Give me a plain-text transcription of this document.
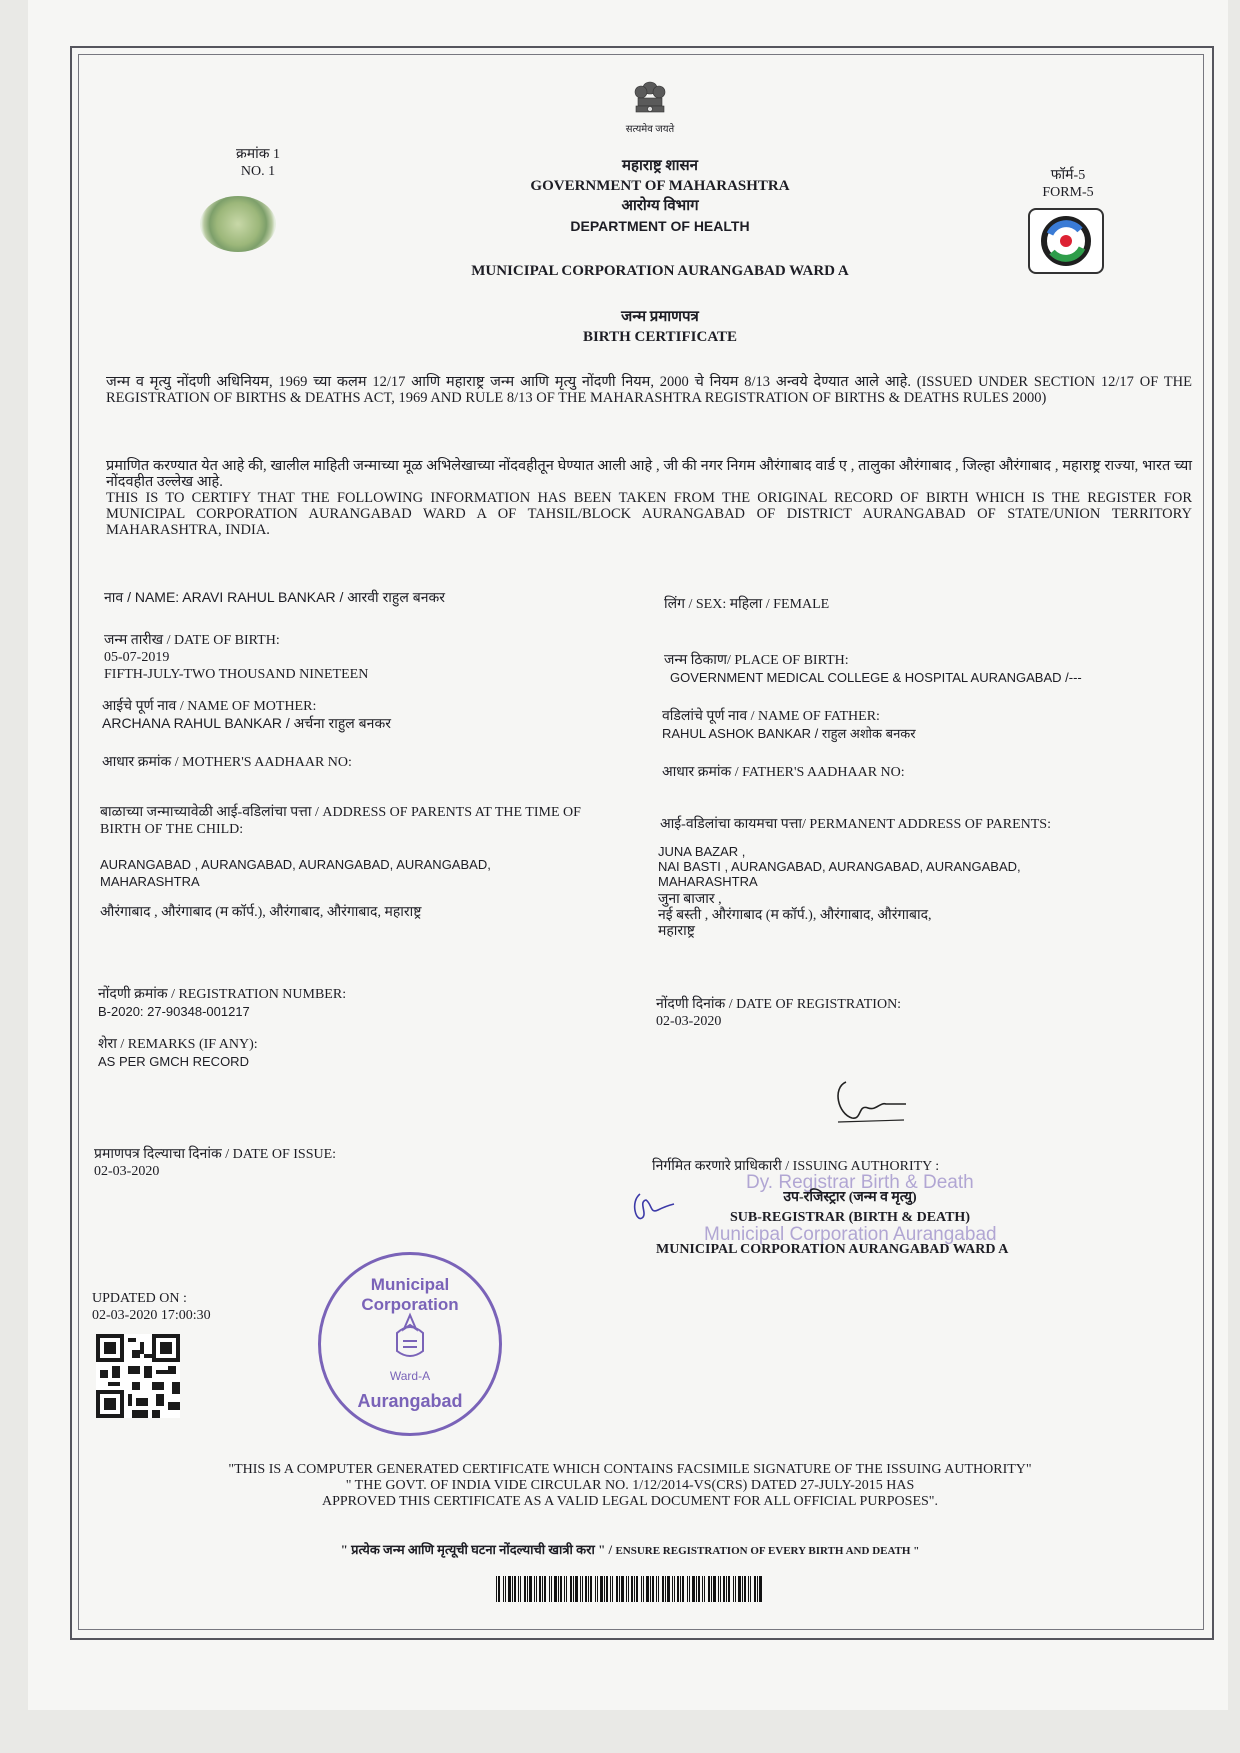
सत्यमेव जयते
क्रमांक 1
NO. 1	फॉर्म-5
FORM-5
महाराष्ट्र शासन
GOVERNMENT OF MAHARASHTRA
आरोग्य विभाग
DEPARTMENT OF HEALTH
MUNICIPAL CORPORATION AURANGABAD WARD A
जन्म प्रमाणपत्र
BIRTH CERTIFICATE
जन्म व मृत्यु नोंदणी अधिनियम, 1969 च्या कलम 12/17 आणि महाराष्ट्र जन्म आणि मृत्यु नोंदणी नियम, 2000 चे नियम 8/13 अन्वये देण्यात आले आहे. (ISSUED UNDER SECTION 12/17 OF THE REGISTRATION OF BIRTHS & DEATHS ACT, 1969 AND RULE 8/13 OF THE MAHARASHTRA REGISTRATION OF BIRTHS & DEATHS RULES 2000)
प्रमाणित करण्यात येत आहे की, खालील माहिती जन्माच्या मूळ अभिलेखाच्या नोंदवहीतून घेण्यात आली आहे , जी की नगर निगम औरंगाबाद वार्ड ए , तालुका औरंगाबाद , जिल्हा औरंगाबाद , महाराष्ट्र राज्या, भारत च्या नोंदवहीत उल्लेख आहे.
THIS IS TO CERTIFY THAT THE FOLLOWING INFORMATION HAS BEEN TAKEN FROM THE ORIGINAL RECORD OF BIRTH WHICH IS THE REGISTER FOR MUNICIPAL CORPORATION AURANGABAD WARD A OF TAHSIL/BLOCK AURANGABAD OF DISTRICT AURANGABAD OF STATE/UNION TERRITORY MAHARASHTRA, INDIA.
नाव / NAME: ARAVI RAHUL BANKAR / आरवी राहुल बनकर
जन्म तारीख / DATE OF BIRTH:
05-07-2019
FIFTH-JULY-TWO THOUSAND NINETEEN
आईचे पूर्ण नाव / NAME OF MOTHER:
ARCHANA RAHUL BANKAR / अर्चना राहुल बनकर
आधार क्रमांक / MOTHER'S AADHAAR NO:
बाळाच्या जन्माच्यावेळी आई-वडिलांचा पत्ता / ADDRESS OF PARENTS AT THE TIME OF BIRTH OF THE CHILD:
AURANGABAD , AURANGABAD, AURANGABAD, AURANGABAD, MAHARASHTRA
औरंगाबाद , औरंगाबाद (म कॉर्प.), औरंगाबाद, औरंगाबाद, महाराष्ट्र
नोंदणी क्रमांक / REGISTRATION NUMBER:
B-2020: 27-90348-001217
शेरा / REMARKS (IF ANY):
AS PER GMCH RECORD
प्रमाणपत्र दिल्याचा दिनांक / DATE OF ISSUE:
02-03-2020
लिंग / SEX: महिला / FEMALE
जन्म ठिकाण/ PLACE OF BIRTH:
GOVERNMENT MEDICAL COLLEGE & HOSPITAL AURANGABAD /---
वडिलांचे पूर्ण नाव / NAME OF FATHER:
RAHUL ASHOK BANKAR / राहुल अशोक बनकर
आधार क्रमांक / FATHER'S AADHAAR NO:
आई-वडिलांचा कायमचा पत्ता/ PERMANENT ADDRESS OF PARENTS:
JUNA BAZAR ,
NAI BASTI , AURANGABAD, AURANGABAD, AURANGABAD,
MAHARASHTRA
जुना बाजार ,
नई बस्ती , औरंगाबाद (म कॉर्प.), औरंगाबाद, औरंगाबाद,
महाराष्ट्र
नोंदणी दिनांक / DATE OF REGISTRATION:
02-03-2020
निर्गमित करणारे प्राधिकारी / ISSUING AUTHORITY :
Dy. Registrar Birth & Death
उप-रजिस्ट्रार (जन्म व मृत्यु)
SUB-REGISTRAR (BIRTH & DEATH)
Municipal Corporation Aurangabad
MUNICIPAL CORPORATION AURANGABAD WARD A
UPDATED ON :
02-03-2020 17:00:30
Municipal Corporation
Ward-A
Aurangabad
"THIS IS A COMPUTER GENERATED CERTIFICATE WHICH CONTAINS FACSIMILE SIGNATURE OF THE ISSUING AUTHORITY"
" THE GOVT. OF INDIA VIDE CIRCULAR NO. 1/12/2014-VS(CRS) DATED 27-JULY-2015 HAS
APPROVED THIS CERTIFICATE AS A VALID LEGAL DOCUMENT FOR ALL OFFICIAL PURPOSES".
" प्रत्येक जन्म आणि मृत्यूची घटना नोंदल्याची खात्री करा " / ENSURE REGISTRATION OF EVERY BIRTH AND DEATH "
